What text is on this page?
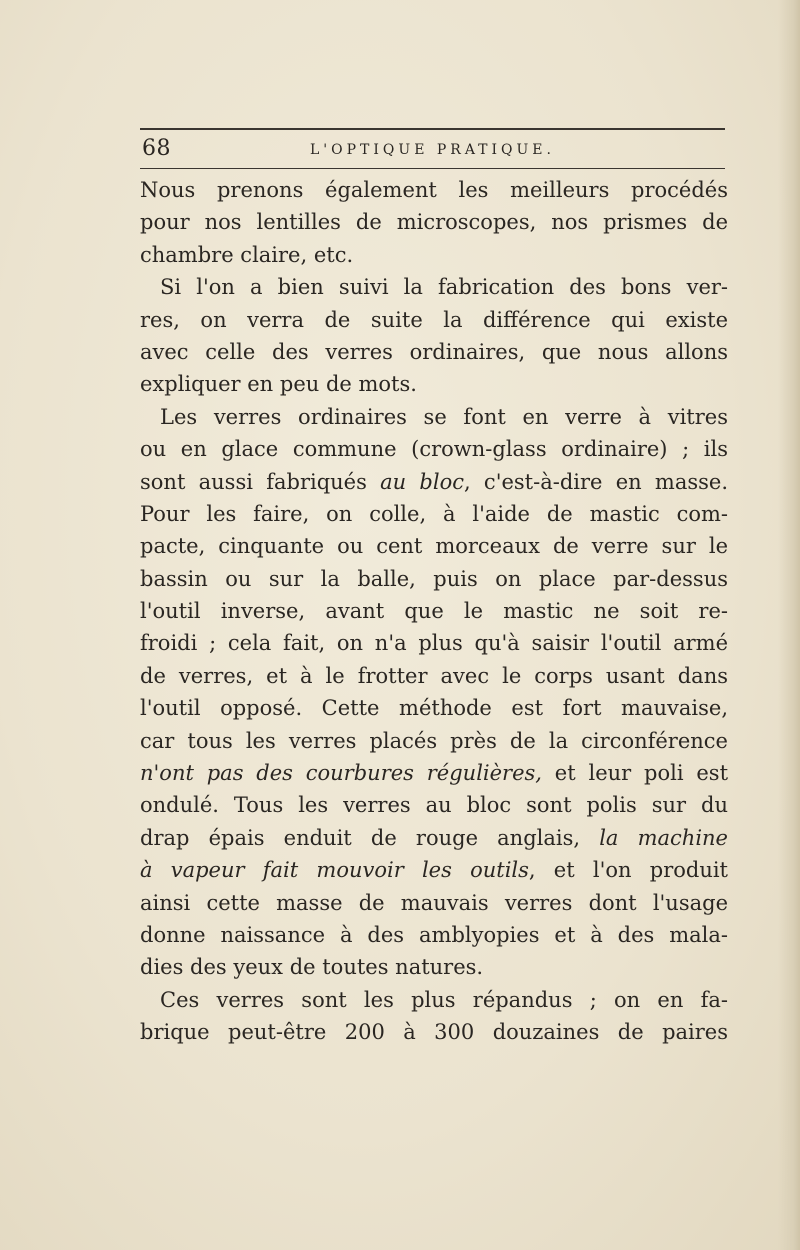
68	L'OPTIQUE PRATIQUE.
Nous prenons également les meilleurs procédés
pour nos lentilles de microscopes, nos prismes de
chambre claire, etc.
Si l'on a bien suivi la fabrication des bons ver-
res, on verra de suite la différence qui existe
avec celle des verres ordinaires, que nous allons
expliquer en peu de mots.
Les verres ordinaires se font en verre à vitres
ou en glace commune (crown-glass ordinaire) ; ils
sont aussi fabriqués au bloc, c'est-à-dire en masse.
Pour les faire, on colle, à l'aide de mastic com-
pacte, cinquante ou cent morceaux de verre sur le
bassin ou sur la balle, puis on place par-dessus
l'outil inverse, avant que le mastic ne soit re-
froidi ; cela fait, on n'a plus qu'à saisir l'outil armé
de verres, et à le frotter avec le corps usant dans
l'outil opposé. Cette méthode est fort mauvaise,
car tous les verres placés près de la circonférence
n'ont pas des courbures régulières, et leur poli est
ondulé. Tous les verres au bloc sont polis sur du
drap épais enduit de rouge anglais, la machine
à vapeur fait mouvoir les outils, et l'on produit
ainsi cette masse de mauvais verres dont l'usage
donne naissance à des amblyopies et à des mala-
dies des yeux de toutes natures.
Ces verres sont les plus répandus ; on en fa-
brique peut-être 200 à 300 douzaines de paires
